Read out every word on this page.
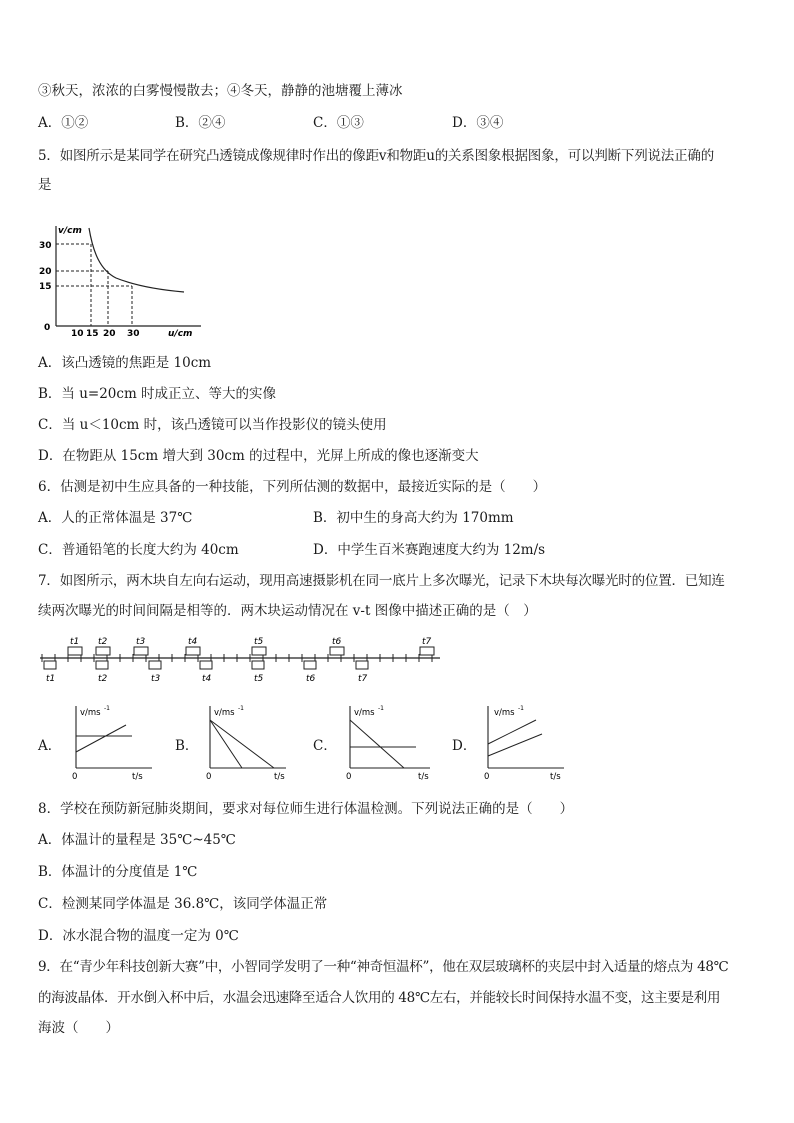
③秋天，浓浓的白雾慢慢散去；④冬天，静静的池塘覆上薄冰
A．①②	B．②④	C．①③	D．③④
5．如图所示是某同学在研究凸透镜成像规律时作出的像距v和物距u的关系图象根据图象，可以判断下列说法正确的
是
v/cm
u/cm
0
30
20
15
10 15 20 30
A．该凸透镜的焦距是 10cm
B．当 u=20cm 时成正立、等大的实像
C．当 u＜10cm 时，该凸透镜可以当作投影仪的镜头使用
D．在物距从 15cm 增大到 30cm 的过程中，光屏上所成的像也逐渐变大
6．估测是初中生应具备的一种技能，下列所估测的数据中，最接近实际的是（　　）
A．人的正常体温是 37℃	B．初中生的身高大约为 170mm
C．普通铅笔的长度大约为 40cm	D．中学生百米赛跑速度大约为 12m/s
7．如图所示，两木块自左向右运动，现用高速摄影机在同一底片上多次曝光，记录下木块每次曝光时的位置．已知连
续两次曝光的时间间隔是相等的．两木块运动情况在 v-t 图像中描述正确的是（　）
t1 t2	t3	t4	t5	t6	t7
t1	t2	t3	t4	t5	t6	t7
A．
v/ms -1
t/s
0
B．
v/ms -1
t/s
0
C．
v/ms -1
t/s
0
D．
v/ms -1
t/s
0
8．学校在预防新冠肺炎期间，要求对每位师生进行体温检测。下列说法正确的是（　　）
A．体温计的量程是 35℃~45℃
B．体温计的分度值是 1℃
C．检测某同学体温是 36.8℃，该同学体温正常
D．冰水混合物的温度一定为 0℃
9．在“青少年科技创新大赛”中，小智同学发明了一种“神奇恒温杯”，他在双层玻璃杯的夹层中封入适量的熔点为 48℃
的海波晶体．开水倒入杯中后，水温会迅速降至适合人饮用的 48℃左右，并能较长时间保持水温不变，这主要是利用
海波（　　）
